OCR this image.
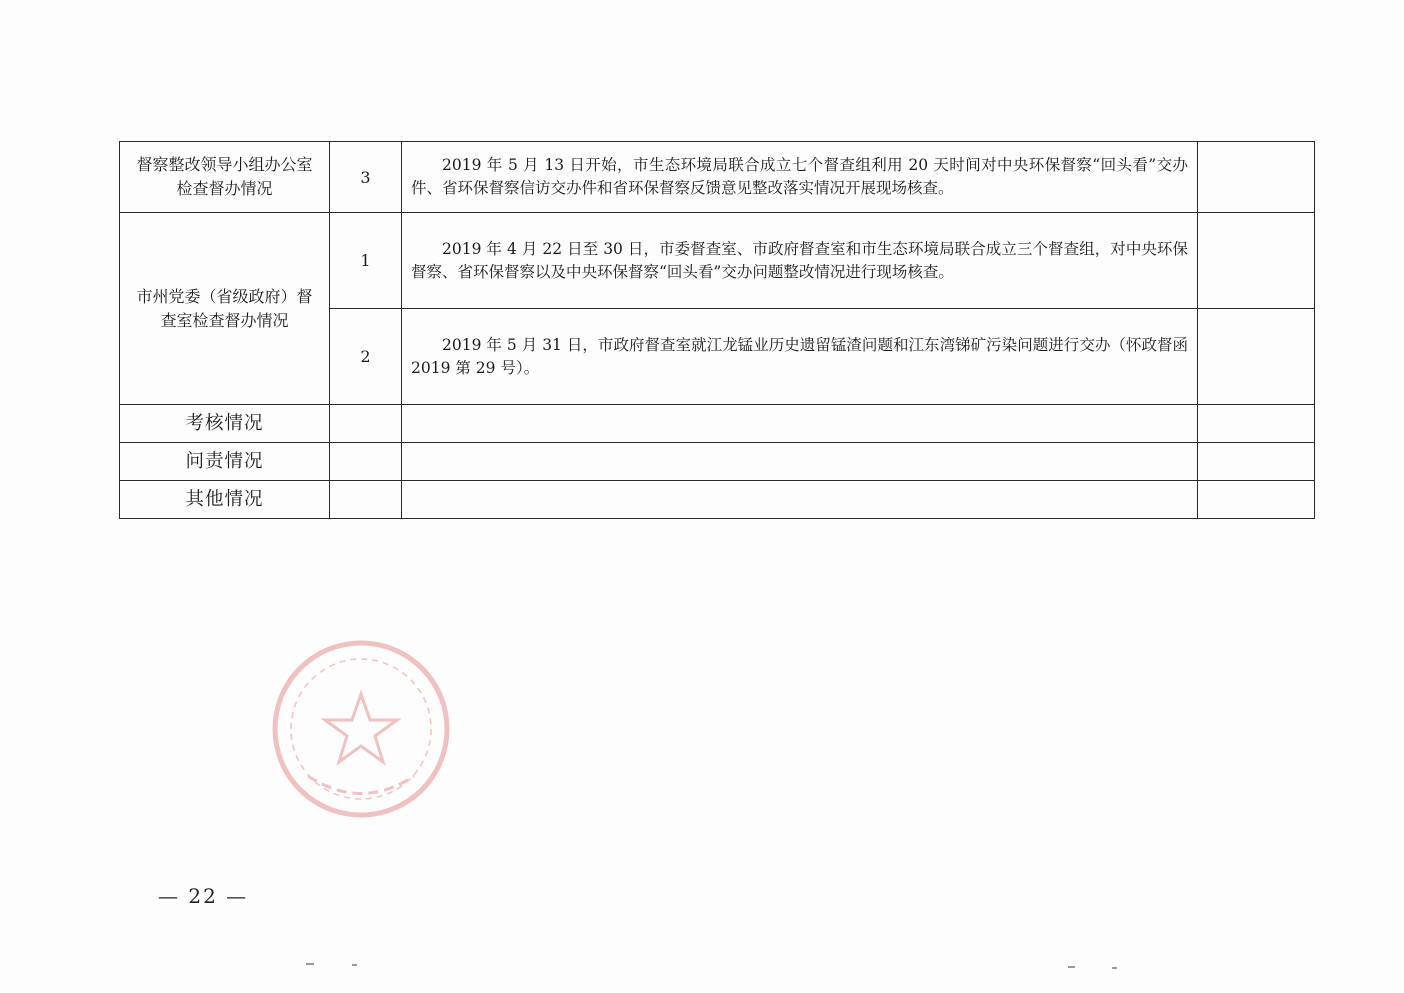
督察整改领导小组办公室检查督办情况	3	2019 年 5 月 13 日开始，市生态环境局联合成立七个督查组利用 20 天时间对中央环保督察“回头看”交办件、省环保督察信访交办件和省环保督察反馈意见整改落实情况开展现场核查。	
市州党委（省级政府）督查室检查督办情况	1	2019 年 4 月 22 日至 30 日，市委督查室、市政府督查室和市生态环境局联合成立三个督查组，对中央环保督察、省环保督察以及中央环保督察“回头看”交办问题整改情况进行现场核查。	
	2	2019 年 5 月 31 日，市政府督查室就江龙锰业历史遗留锰渣问题和江东湾锑矿污染问题进行交办（怀政督函 2019 第 29 号）。	
考核情况			
问责情况			
其他情况			
— 22 —
